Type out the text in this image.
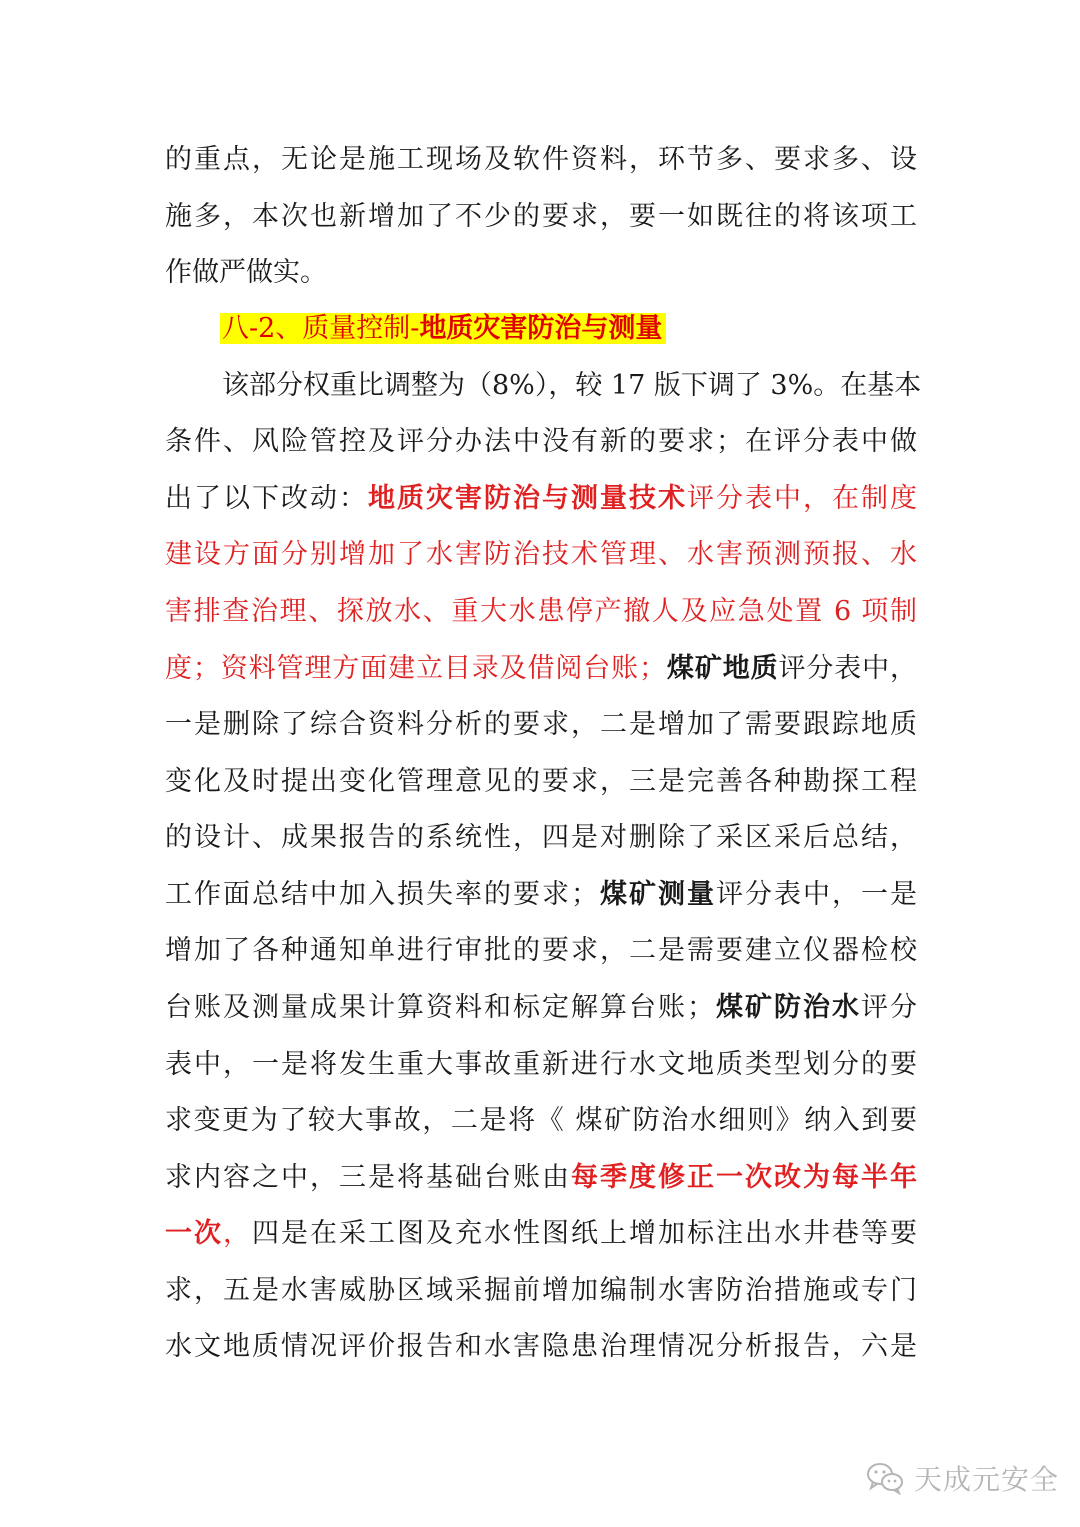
的重点，无论是施工现场及软件资料，环节多、要求多、设
施多，本次也新增加了不少的要求，要一如既往的将该项工
作做严做实。
八-2、质量控制-地质灾害防治与测量
该部分权重比调整为（8%），较 17 版下调了 3%。在基本
条件、风险管控及评分办法中没有新的要求；在评分表中做
出了以下改动：地质灾害防治与测量技术评分表中，在制度
建设方面分别增加了水害防治技术管理、水害预测预报、水
害排查治理、探放水、重大水患停产撤人及应急处置 6 项制
度；资料管理方面建立目录及借阅台账；煤矿地质评分表中，
一是删除了综合资料分析的要求，二是增加了需要跟踪地质
变化及时提出变化管理意见的要求，三是完善各种勘探工程
的设计、成果报告的系统性，四是对删除了采区采后总结，
工作面总结中加入损失率的要求；煤矿测量评分表中，一是
增加了各种通知单进行审批的要求，二是需要建立仪器检校
台账及测量成果计算资料和标定解算台账；煤矿防治水评分
表中，一是将发生重大事故重新进行水文地质类型划分的要
求变更为了较大事故，二是将《 煤矿防治水细则》纳入到要
求内容之中，三是将基础台账由每季度修正一次改为每半年
一次，四是在采工图及充水性图纸上增加标注出水井巷等要
求，五是水害威胁区域采掘前增加编制水害防治措施或专门
水文地质情况评价报告和水害隐患治理情况分析报告，六是
天成元安全
